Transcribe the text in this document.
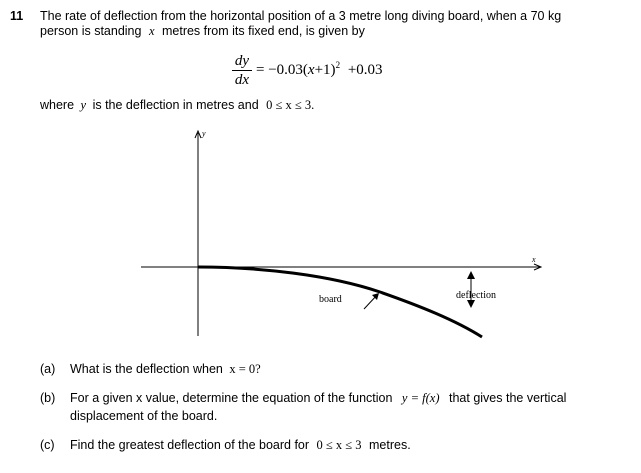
11 The rate of deflection from the horizontal position of a 3 metre long diving board, when a 70 kg
person is standing x metres from its fixed end, is given by
dy
dx
= $-0.03(x+1)^2 +0.03$
where y is the deflection in metres and 0 ≤ x ≤ 3.
y
x
board	deflection
(a) What is the deflection when x = 0?
(b) For a given x value, determine the equation of the function y = f(x) that gives the vertical
displacement of the board.
(c) Find the greatest deflection of the board for 0 ≤ x ≤ 3 metres.
